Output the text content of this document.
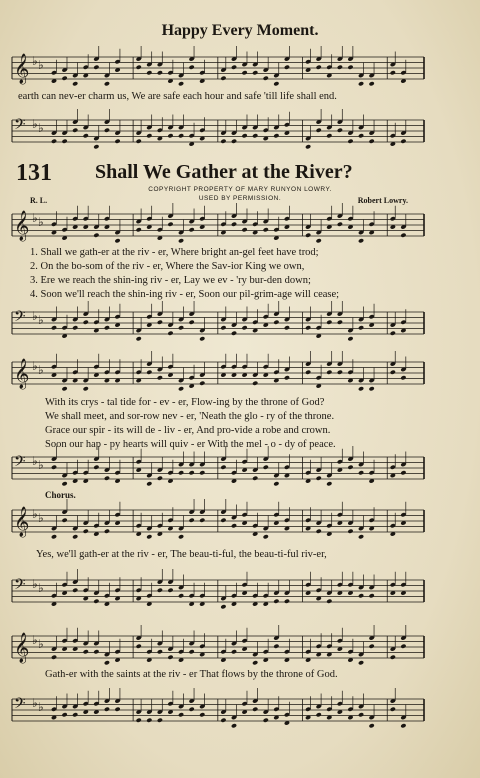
Happy Every Moment.
𝄞 ♭ ♭
earth can nev-er charm us, We are safe each hour and safe 'till life shall end.
𝄢 ♭ ♭
131 Shall We Gather at the River?
COPYRIGHT PROPERTY OF MARY RUNYON LOWRY.
USED BY PERMISSION.
R. L.	Robert Lowry.
𝄞 ♭ ♭
1. Shall we gath-er at the riv - er, Where bright an-gel feet have trod;
2. On the bo-som of the riv - er, Where the Sav-ior King we own,
3. Ere we reach the shin-ing riv - er, Lay we ev - 'ry bur-den down;
4. Soon we'll reach the shin-ing riv - er, Soon our pil-grim-age will cease;
𝄢 ♭ ♭
𝄞 ♭ ♭
With its crys - tal tide for - ev - er, Flow-ing by the throne of God?
We shall meet, and sor-row nev - er, 'Neath the glo - ry of the throne.
Grace our spir - its will de - liv - er, And pro-vide a robe and crown.
Soon our hap - py hearts will quiv - er With the mel - o - dy of peace.
𝄢 ♭ ♭
Chorus.
𝄞 ♭ ♭
Yes, we'll gath-er at the riv - er, The beau-ti-ful, the beau-ti-ful riv-er,
𝄢 ♭ ♭
𝄞 ♭ ♭
Gath-er with the saints at the riv - er That flows by the throne of God.
𝄢 ♭ ♭
